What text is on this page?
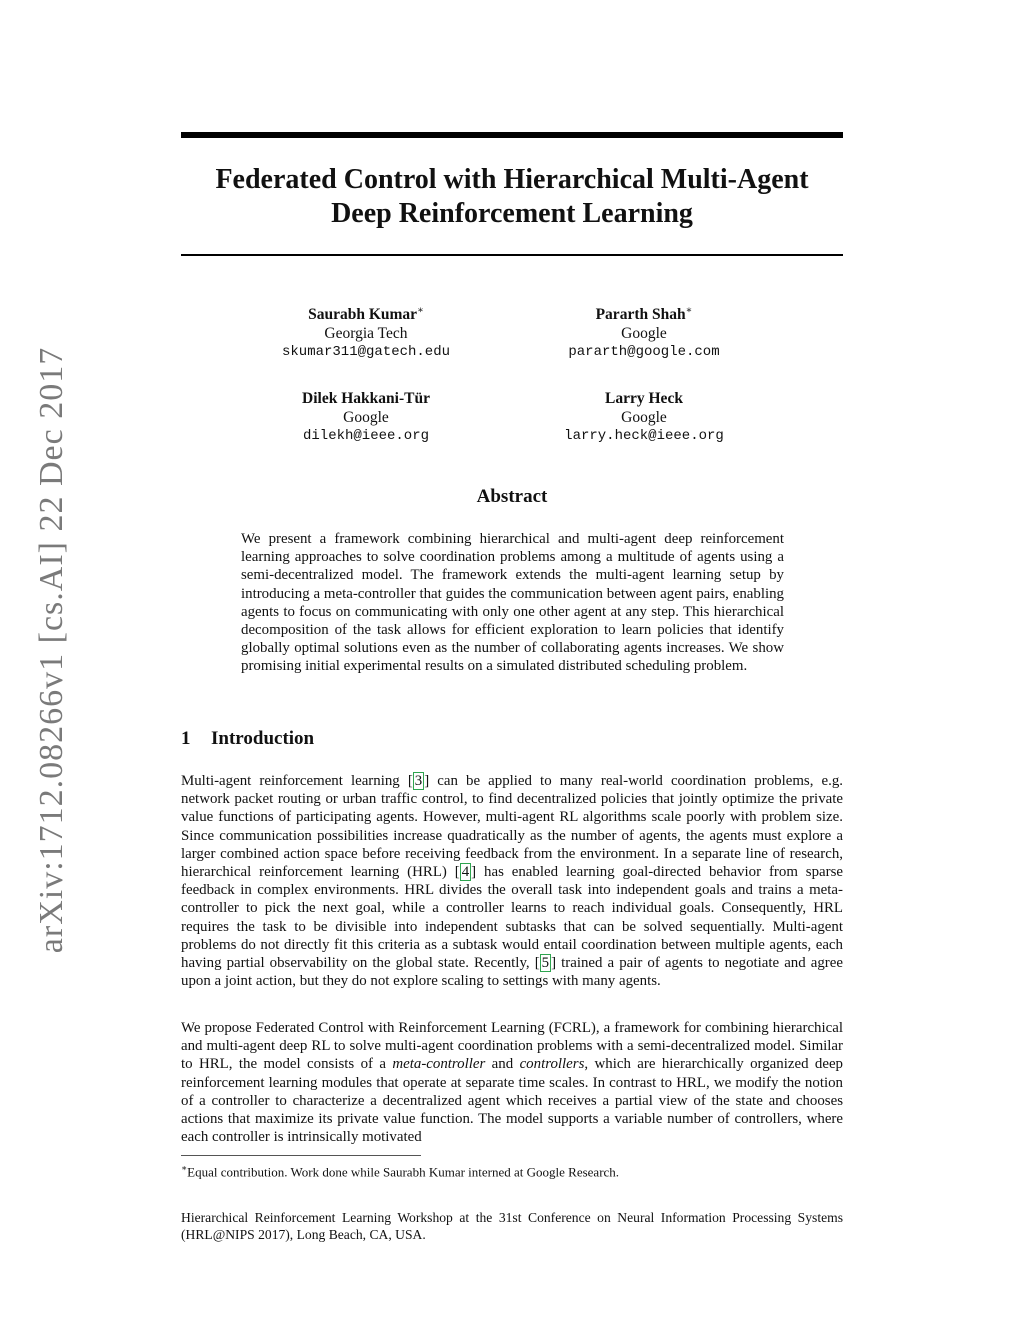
arXiv:1712.08266v1 [cs.AI] 22 Dec 2017
Federated Control with Hierarchical Multi-Agent
Deep Reinforcement Learning
Saurabh Kumar∗
Georgia Tech
skumar311@gatech.edu
Pararth Shah∗
Google
pararth@google.com
Dilek Hakkani-Tür
Google
dilekh@ieee.org
Larry Heck
Google
larry.heck@ieee.org
Abstract
We present a framework combining hierarchical and multi-agent deep reinforcement learning approaches to solve coordination problems among a multitude of agents using a semi-decentralized model. The framework extends the multi-agent learning setup by introducing a meta-controller that guides the communication between agent pairs, enabling agents to focus on communicating with only one other agent at any step. This hierarchical decomposition of the task allows for efficient exploration to learn policies that identify globally optimal solutions even as the number of collaborating agents increases. We show promising initial experimental results on a simulated distributed scheduling problem.
1 Introduction
Multi-agent reinforcement learning [ 3 ] can be applied to many real-world coordination problems, e.g. network packet routing or urban traffic control, to find decentralized policies that jointly optimize the private value functions of participating agents. However, multi-agent RL algorithms scale poorly with problem size. Since communication possibilities increase quadratically as the number of agents, the agents must explore a larger combined action space before receiving feedback from the environment. In a separate line of research, hierarchical reinforcement learning (HRL) [ 4 ] has enabled learning goal-directed behavior from sparse feedback in complex environments. HRL divides the overall task into independent goals and trains a meta-controller to pick the next goal, while a controller learns to reach individual goals. Consequently, HRL requires the task to be divisible into independent subtasks that can be solved sequentially. Multi-agent problems do not directly fit this criteria as a subtask would entail coordination between multiple agents, each having partial observability on the global state. Recently, [ 5 ] trained a pair of agents to negotiate and agree upon a joint action, but they do not explore scaling to settings with many agents.
We propose Federated Control with Reinforcement Learning (FCRL), a framework for combining hierarchical and multi-agent deep RL to solve multi-agent coordination problems with a semi-decentralized model. Similar to HRL, the model consists of a meta-controller and controllers, which are hierarchically organized deep reinforcement learning modules that operate at separate time scales. In contrast to HRL, we modify the notion of a controller to characterize a decentralized agent which receives a partial view of the state and chooses actions that maximize its private value function. The model supports a variable number of controllers, where each controller is intrinsically motivated
∗Equal contribution. Work done while Saurabh Kumar interned at Google Research.
Hierarchical Reinforcement Learning Workshop at the 31st Conference on Neural Information Processing Systems (HRL@NIPS 2017), Long Beach, CA, USA.
